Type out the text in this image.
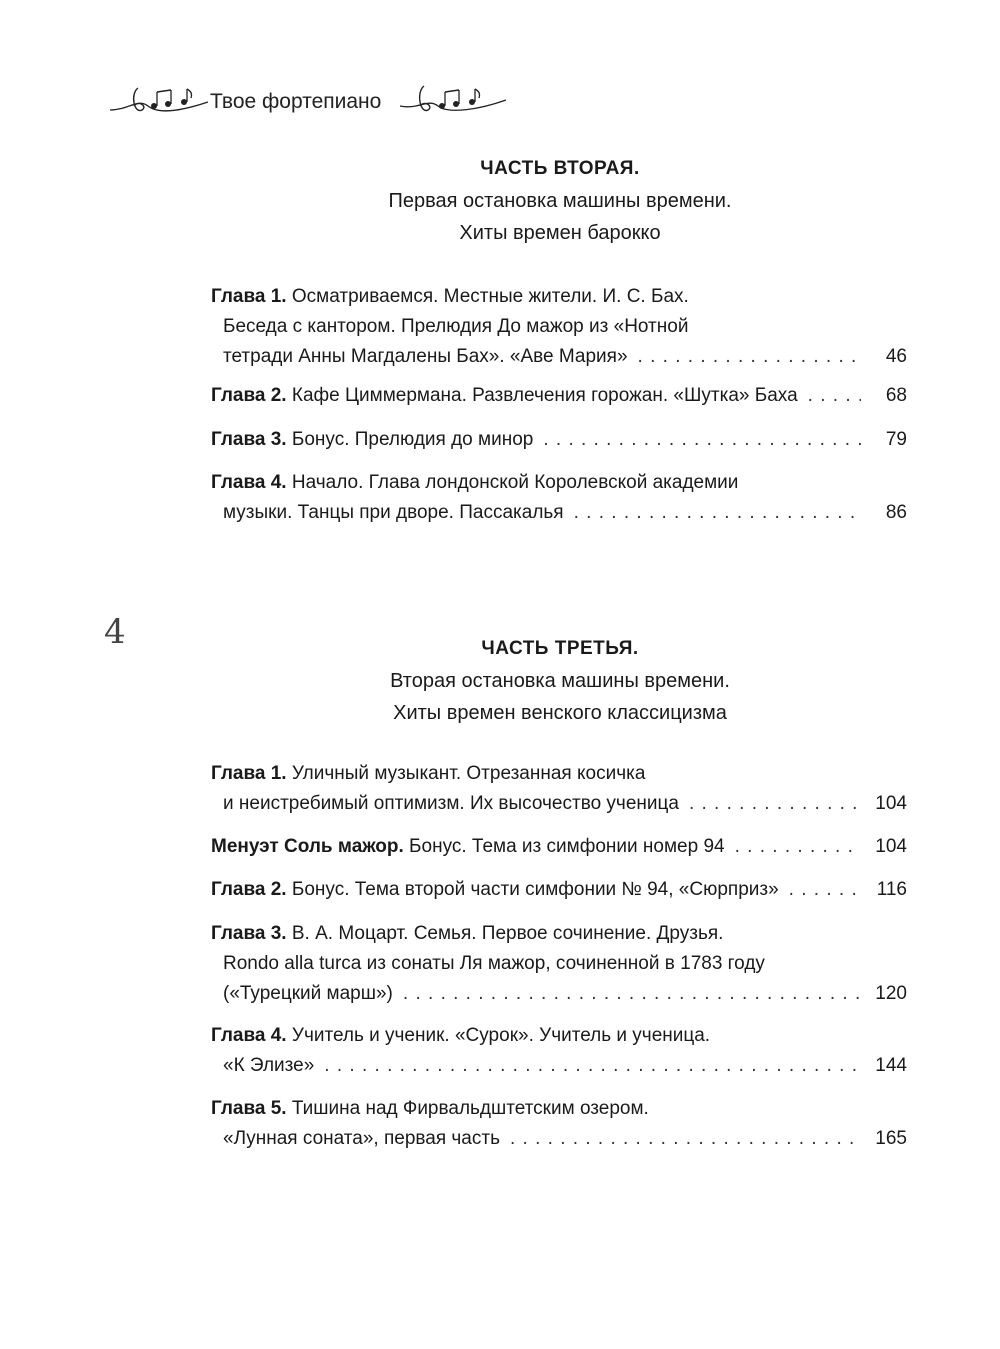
Твое фортепиано
4
ЧАСТЬ ВТОРАЯ.
Первая остановка машины времени.
Хиты времен барокко
Глава 1. Осматриваемся. Местные жители. И. С. Бах.
Беседа с кантором. Прелюдия До мажор из «Нотной
тетради Анны Магдалены Бах». «Аве Мария» . . .	46
Глава 2. Кафе Циммермана. Развлечения горожан. «Шутка» Баха . . .	68
Глава 3. Бонус. Прелюдия до минор . . .	79
Глава 4. Начало. Глава лондонской Королевской академии
музыки. Танцы при дворе. Пассакалья . . .	86
ЧАСТЬ ТРЕТЬЯ.
Вторая остановка машины времени.
Хиты времен венского классицизма
Глава 1. Уличный музыкант. Отрезанная косичка
и неистребимый оптимизм. Их высочество ученица . . .	104
Менуэт Соль мажор. Бонус. Тема из симфонии номер 94 . . .	104
Глава 2. Бонус. Тема второй части симфонии № 94, «Сюрприз» . . .	116
Глава 3. В. А. Моцарт. Семья. Первое сочинение. Друзья.
Rondo alla turca из сонаты Ля мажор, сочиненной в 1783 году
(«Турецкий марш») . . .	120
Глава 4. Учитель и ученик. «Сурок». Учитель и ученица.
«К Элизе» . . .	144
Глава 5. Тишина над Фирвальдштетским озером.
«Лунная соната», первая часть . . .	165
